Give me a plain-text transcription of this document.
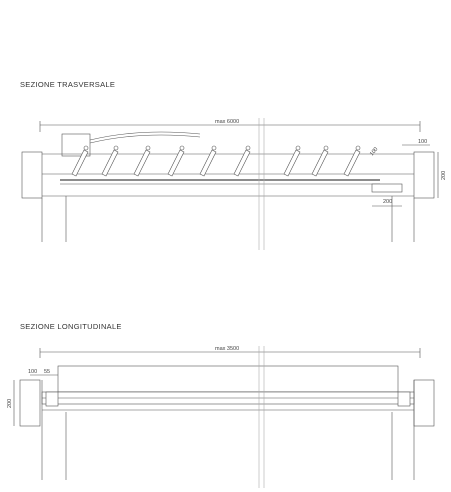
SEZIONE TRASVERSALE
SEZIONE LONGITUDINALE
max 6000
100
100
200
200
max 3500
100 55
200
